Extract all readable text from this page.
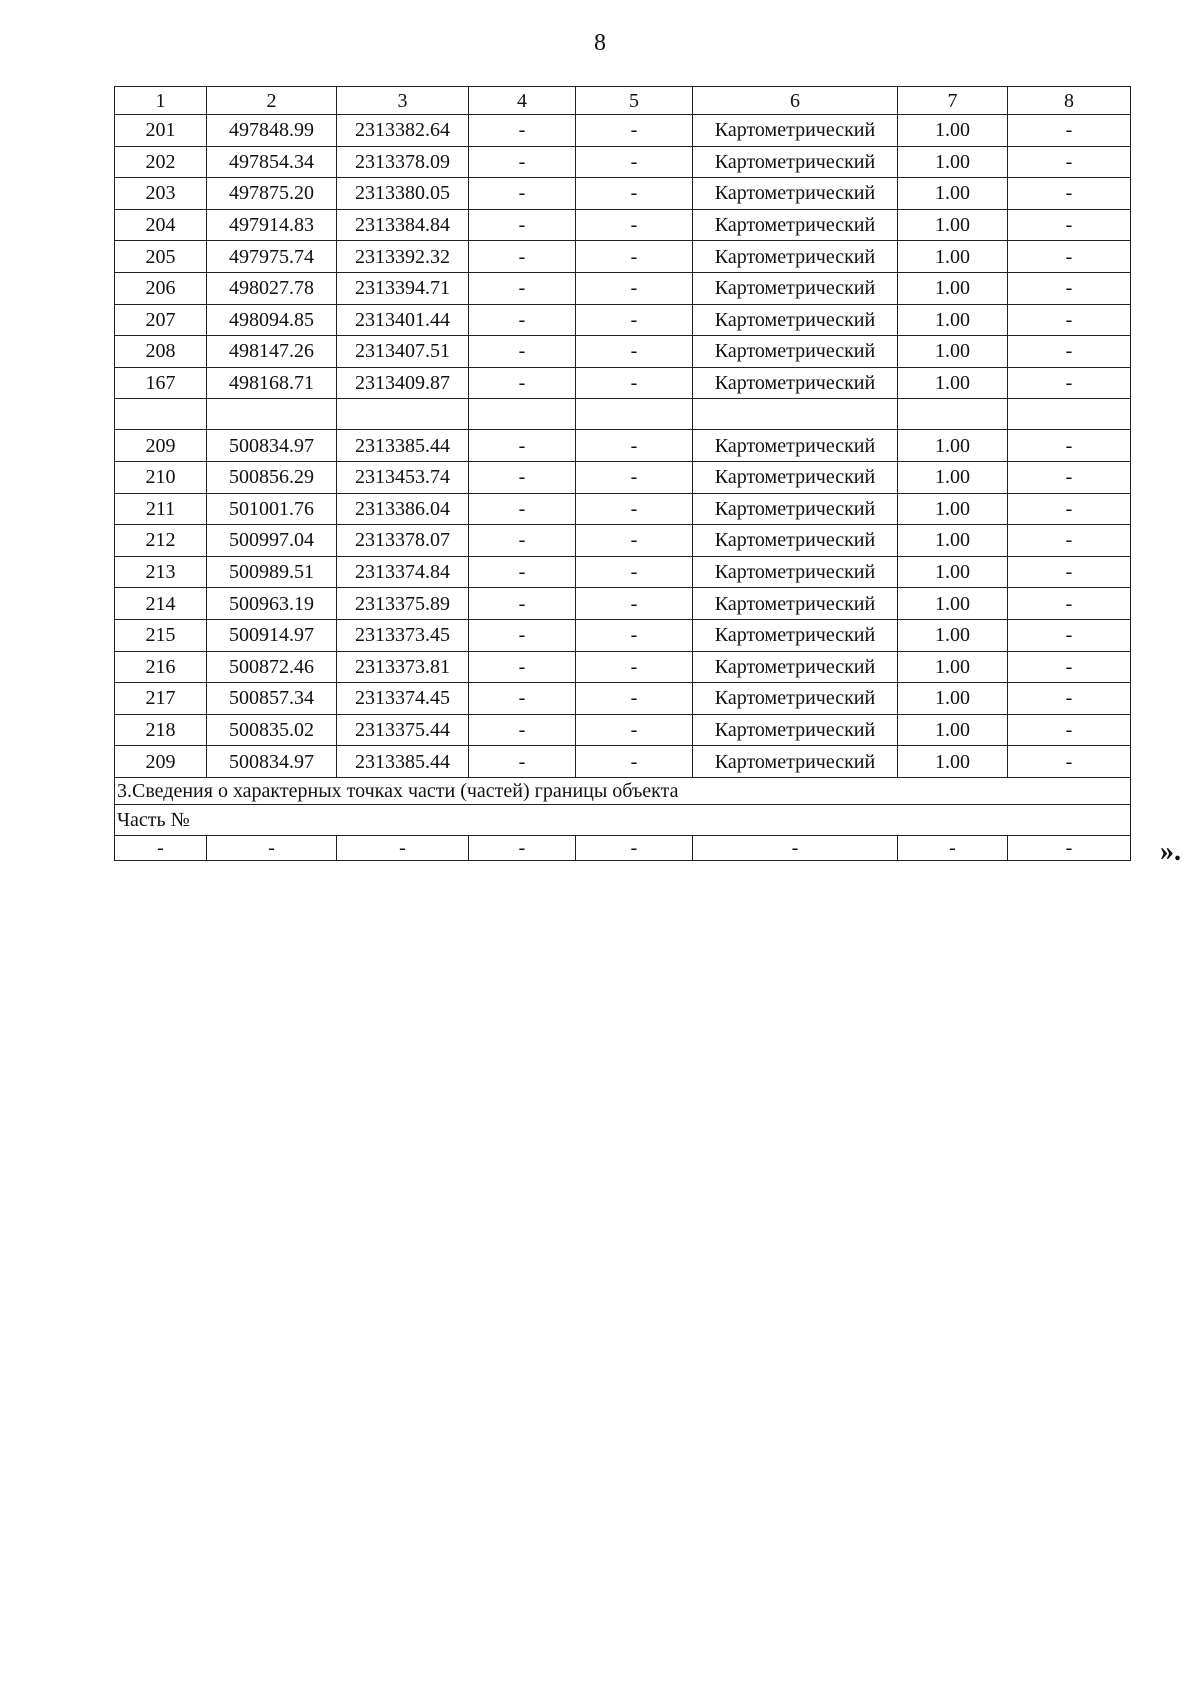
8
1	2	3	4	5	6	7	8
201	497848.99	2313382.64	-	-	Картометрический	1.00	-
202	497854.34	2313378.09	-	-	Картометрический	1.00	-
203	497875.20	2313380.05	-	-	Картометрический	1.00	-
204	497914.83	2313384.84	-	-	Картометрический	1.00	-
205	497975.74	2313392.32	-	-	Картометрический	1.00	-
206	498027.78	2313394.71	-	-	Картометрический	1.00	-
207	498094.85	2313401.44	-	-	Картометрический	1.00	-
208	498147.26	2313407.51	-	-	Картометрический	1.00	-
167	498168.71	2313409.87	-	-	Картометрический	1.00	-

209	500834.97	2313385.44	-	-	Картометрический	1.00	-
210	500856.29	2313453.74	-	-	Картометрический	1.00	-
211	501001.76	2313386.04	-	-	Картометрический	1.00	-
212	500997.04	2313378.07	-	-	Картометрический	1.00	-
213	500989.51	2313374.84	-	-	Картометрический	1.00	-
214	500963.19	2313375.89	-	-	Картометрический	1.00	-
215	500914.97	2313373.45	-	-	Картометрический	1.00	-
216	500872.46	2313373.81	-	-	Картометрический	1.00	-
217	500857.34	2313374.45	-	-	Картометрический	1.00	-
218	500835.02	2313375.44	-	-	Картометрический	1.00	-
209	500834.97	2313385.44	-	-	Картометрический	1.00	-
3.Сведения о характерных точках части (частей) границы объекта							
Часть №							
-	-	-	-	-	-	-	-	».
